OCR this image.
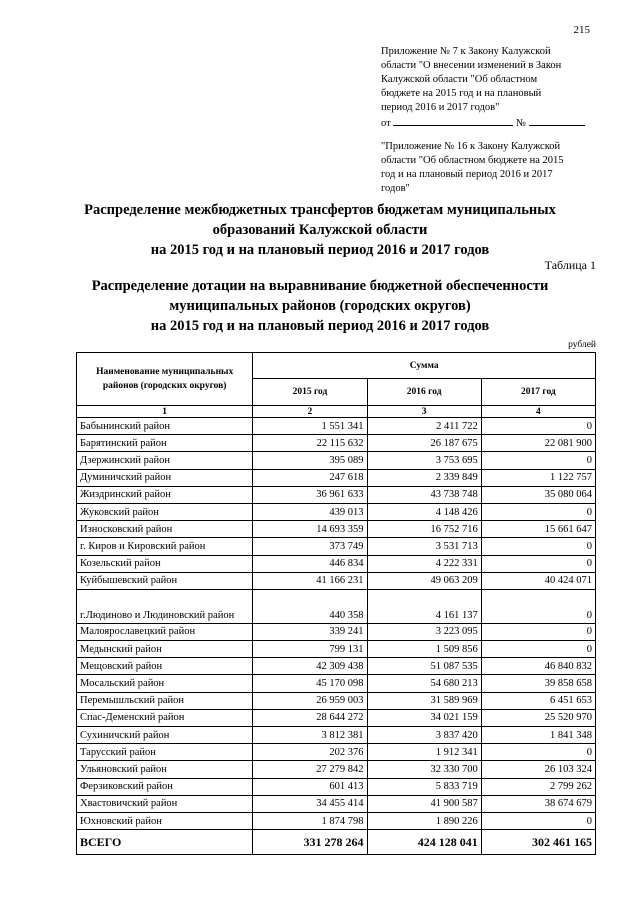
215

Приложение № 7 к Закону Калужской

области "О внесении изменений в Закон

Калужской области "Об областном

бюджете на 2015 год и на плановый

период 2016 и 2017 годов"

от	№

"Приложение № 16 к Закону Калужской

области "Об областном бюджете на 2015

год и на плановый период 2016 и 2017

годов"

Распределение межбюджетных трансфертов бюджетам муниципальных
образований Калужской области
на 2015 год и на плановый период 2016 и 2017 годов
Таблица 1
Распределение дотации на выравнивание бюджетной обеспеченности
муниципальных районов (городских округов)
на 2015 год и на плановый период 2016 и 2017 годов
рублей
Наименование муниципальных районов (городских округов)	Сумма		
	2015 год	2016 год	2017 год
1	2	3	4
Бабынинский район	1 551 341	2 411 722	0
Барятинский район	22 115 632	26 187 675	22 081 900
Дзержинский район	395 089	3 753 695	0
Думиничский район	247 618	2 339 849	1 122 757
Жиздринский район	36 961 633	43 738 748	35 080 064
Жуковский район	439 013	4 148 426	0
Износковский район	14 693 359	16 752 716	15 661 647
г. Киров и Кировский район	373 749	3 531 713	0
Козельский район	446 834	4 222 331	0
Куйбышевский район	41 166 231	49 063 209	40 424 071
г.Людиново и Людиновский район	440 358	4 161 137	0
Малоярославецкий район	339 241	3 223 095	0
Медынский район	799 131	1 509 856	0
Мещовский район	42 309 438	51 087 535	46 840 832
Мосальский район	45 170 098	54 680 213	39 858 658
Перемышльский район	26 959 003	31 589 969	6 451 653
Спас-Деменский район	28 644 272	34 021 159	25 520 970
Сухиничский район	3 812 381	3 837 420	1 841 348
Тарусский район	202 376	1 912 341	0
Ульяновский район	27 279 842	32 330 700	26 103 324
Ферзиковский район	601 413	5 833 719	2 799 262
Хвастовичский район	34 455 414	41 900 587	38 674 679
Юхновский район	1 874 798	1 890 226	0
ВСЕГО	331 278 264	424 128 041	302 461 165
